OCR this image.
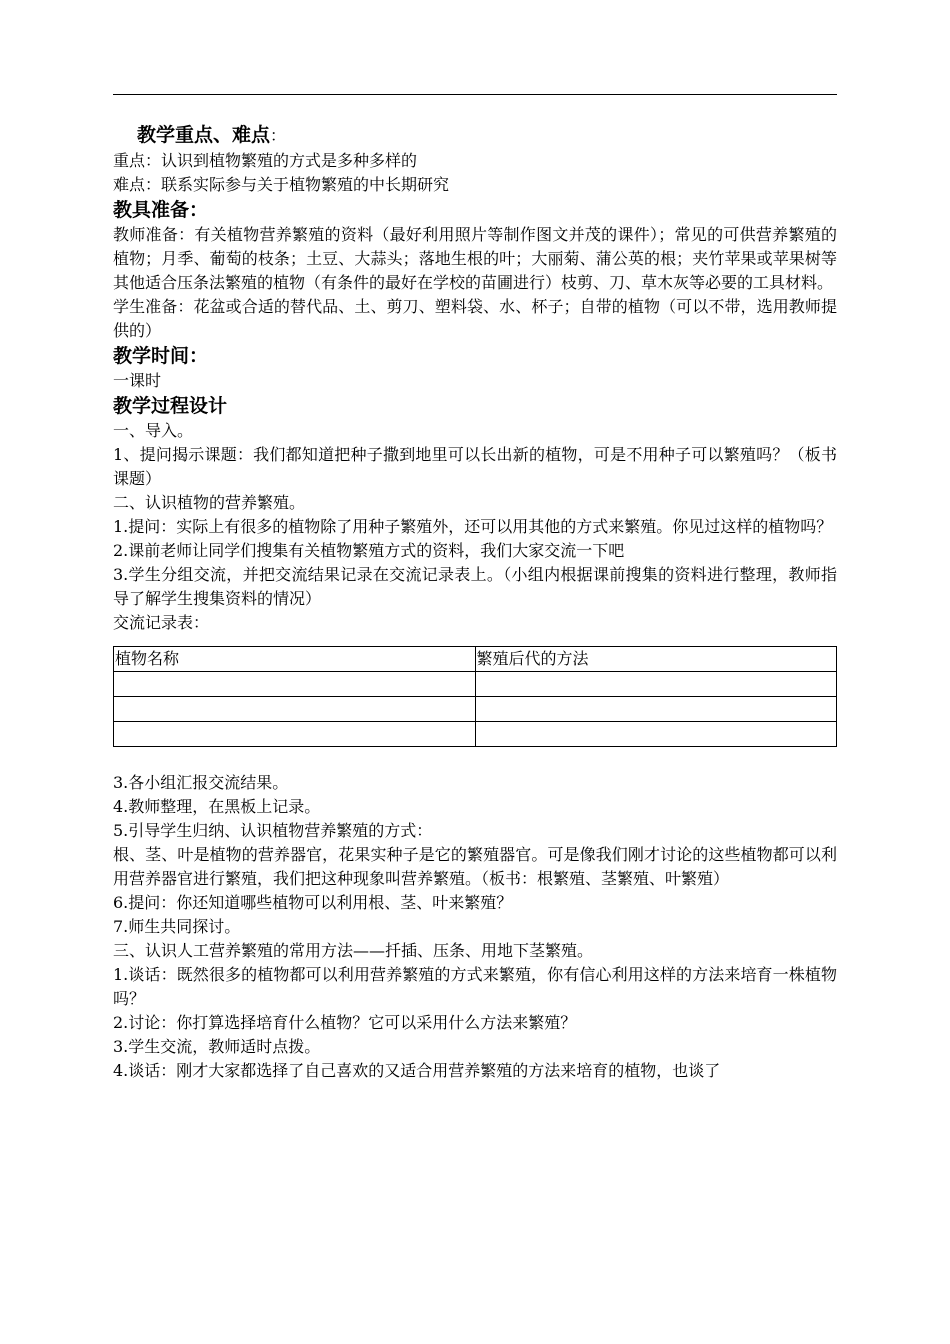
教学重点、难点：

重点：认识到植物繁殖的方式是多种多样的

难点：联系实际参与关于植物繁殖的中长期研究

教具准备：

教师准备：有关植物营养繁殖的资料（最好利用照片等制作图文并茂的课件）；常见的可供营养繁殖的植物；月季、葡萄的枝条；土豆、大蒜头；落地生根的叶；大丽菊、蒲公英的根；夹竹苹果或苹果树等其他适合压条法繁殖的植物（有条件的最好在学校的苗圃进行）枝剪、刀、草木灰等必要的工具材料。

学生准备：花盆或合适的替代品、土、剪刀、塑料袋、水、杯子；自带的植物（可以不带，选用教师提供的）

教学时间：

一课时

教学过程设计

一、导入。

1、提问揭示课题：我们都知道把种子撒到地里可以长出新的植物，可是不用种子可以繁殖吗？（板书课题）

二、认识植物的营养繁殖。

1.提问：实际上有很多的植物除了用种子繁殖外，还可以用其他的方式来繁殖。你见过这样的植物吗？

2.课前老师让同学们搜集有关植物繁殖方式的资料，我们大家交流一下吧

3.学生分组交流，并把交流结果记录在交流记录表上。（小组内根据课前搜集的资料进行整理，教师指导了解学生搜集资料的情况）

交流记录表：

植物名称	繁殖后代的方法

3.各小组汇报交流结果。

4.教师整理，在黑板上记录。

5.引导学生归纳、认识植物营养繁殖的方式：

根、茎、叶是植物的营养器官，花果实种子是它的繁殖器官。可是像我们刚才讨论的这些植物都可以利用营养器官进行繁殖，我们把这种现象叫营养繁殖。（板书：根繁殖、茎繁殖、叶繁殖）

6.提问：你还知道哪些植物可以利用根、茎、叶来繁殖？

7.师生共同探讨。

三、认识人工营养繁殖的常用方法——扦插、压条、用地下茎繁殖。

1.谈话：既然很多的植物都可以利用营养繁殖的方式来繁殖，你有信心利用这样的方法来培育一株植物吗？

2.讨论：你打算选择培育什么植物？它可以采用什么方法来繁殖？

3.学生交流，教师适时点拨。

4.谈话：刚才大家都选择了自己喜欢的又适合用营养繁殖的方法来培育的植物，也谈了
